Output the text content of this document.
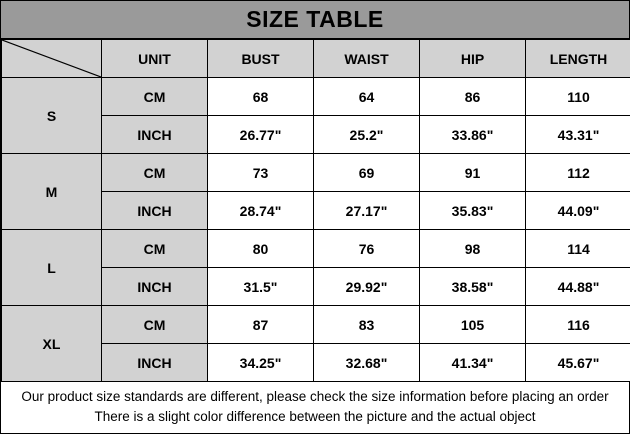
SIZE TABLE
	UNIT	BUST	WAIST	HIP	LENGTH
S	CM	68	64	86	110
	INCH	26.77"	25.2"	33.86"	43.31"
M	CM	73	69	91	112
	INCH	28.74"	27.17"	35.83"	44.09"
L	CM	80	76	98	114
	INCH	31.5"	29.92"	38.58"	44.88"
XL	CM	87	83	105	116
	INCH	34.25"	32.68"	41.34"	45.67"
Our product size standards are different, please check the size information before placing an order
There is a slight color difference between the picture and the actual object
